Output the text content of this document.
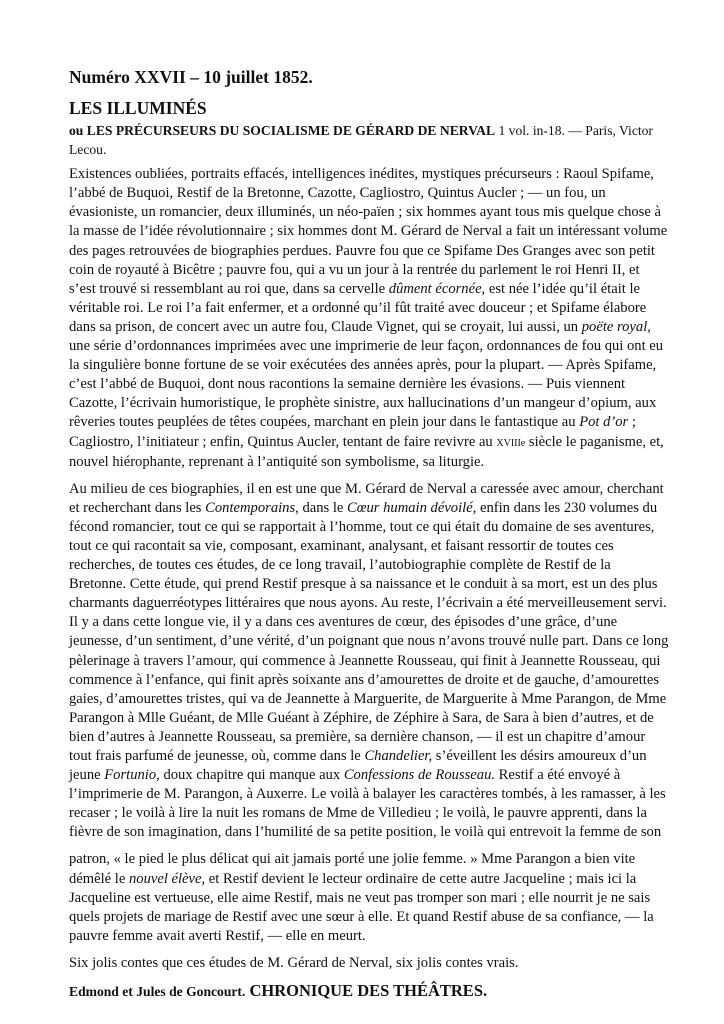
Numéro XXVII – 10 juillet 1852.
LES ILLUMINÉS
ou LES PRÉCURSEURS DU SOCIALISME DE GÉRARD DE NERVAL 1 vol. in-18. — Paris, Victor Lecou.

Existences oubliées, portraits effacés, intelligences inédites, mystiques précurseurs : Raoul Spifame, l’abbé de Buquoi, Restif de la Bretonne, Cazotte, Cagliostro, Quintus Aucler ; — un fou, un évasioniste, un romancier, deux illuminés, un néo-païen ; six hommes ayant tous mis quelque chose à la masse de l’idée révolutionnaire ; six hommes dont M. Gérard de Nerval a fait un intéressant volume des pages retrouvées de biographies perdues. Pauvre fou que ce Spifame Des Granges avec son petit coin de royauté à Bicêtre ; pauvre fou, qui a vu un jour à la rentrée du parlement le roi Henri II, et s’est trouvé si ressemblant au roi que, dans sa cervelle dûment écornée, est née l’idée qu’il était le véritable roi. Le roi l’a fait enfermer, et a ordonné qu’il fût traité avec douceur ; et Spifame élabore dans sa prison, de concert avec un autre fou, Claude Vignet, qui se croyait, lui aussi, un poëte royal, une série d’ordonnances imprimées avec une imprimerie de leur façon, ordonnances de fou qui ont eu la singulière bonne fortune de se voir exécutées des années après, pour la plupart. — Après Spifame, c’est l’abbé de Buquoi, dont nous racontions la semaine dernière les évasions. — Puis viennent Cazotte, l’écrivain humoristique, le prophète sinistre, aux hallucinations d’un mangeur d’opium, aux rêveries toutes peuplées de têtes coupées, marchant en plein jour dans le fantastique au Pot d’or ; Cagliostro, l’initiateur ; enfin, Quintus Aucler, tentant de faire revivre au XVIIIe siècle le paganisme, et, nouvel hiérophante, reprenant à l’antiquité son symbolisme, sa liturgie.

Au milieu de ces biographies, il en est une que M. Gérard de Nerval a caressée avec amour, cherchant et recherchant dans les Contemporains, dans le Cœur humain dévoilé, enfin dans les 230 volumes du fécond romancier, tout ce qui se rapportait à l’homme, tout ce qui était du domaine de ses aventures, tout ce qui racontait sa vie, composant, examinant, analysant, et faisant ressortir de toutes ces recherches, de toutes ces études, de ce long travail, l’autobiographie complète de Restif de la Bretonne. Cette étude, qui prend Restif presque à sa naissance et le conduit à sa mort, est un des plus charmants daguerréotypes littéraires que nous ayons. Au reste, l’écrivain a été merveilleusement servi. Il y a dans cette longue vie, il y a dans ces aventures de cœur, des épisodes d’une grâce, d’une jeunesse, d’un sentiment, d’une vérité, d’un poignant que nous n’avons trouvé nulle part. Dans ce long pèlerinage à travers l’amour, qui commence à Jeannette Rousseau, qui finit à Jeannette Rousseau, qui commence à l’enfance, qui finit après soixante ans d’amourettes de droite et de gauche, d’amourettes gaies, d’amourettes tristes, qui va de Jeannette à Marguerite, de Marguerite à Mme Parangon, de Mme Parangon à Mlle Guéant, de Mlle Guéant à Zéphire, de Zéphire à Sara, de Sara à bien d’autres, et de bien d’autres à Jeannette Rousseau, sa première, sa dernière chanson, — il est un chapitre d’amour tout frais parfumé de jeunesse, où, comme dans le Chandelier, s’éveillent les désirs amoureux d’un jeune Fortunio, doux chapitre qui manque aux Confessions de Rousseau. Restif a été envoyé à l’imprimerie de M. Parangon, à Auxerre. Le voilà à balayer les caractères tombés, à les ramasser, à les recaser ; le voilà à lire la nuit les romans de Mme de Villedieu ; le voilà, le pauvre apprenti, dans la fièvre de son imagination, dans l’humilité de sa petite position, le voilà qui entrevoit la femme de son

patron, « le pied le plus délicat qui ait jamais porté une jolie femme. » Mme Parangon a bien vite démêlé le nouvel élève, et Restif devient le lecteur ordinaire de cette autre Jacqueline ; mais ici la Jacqueline est vertueuse, elle aime Restif, mais ne veut pas tromper son mari ; elle nourrit je ne sais quels projets de mariage de Restif avec une sœur à elle. Et quand Restif abuse de sa confiance, — la pauvre femme avait averti Restif, — elle en meurt.

Six jolis contes que ces études de M. Gérard de Nerval, six jolis contes vrais.

Edmond et Jules de Goncourt. CHRONIQUE DES THÉÂTRES.
